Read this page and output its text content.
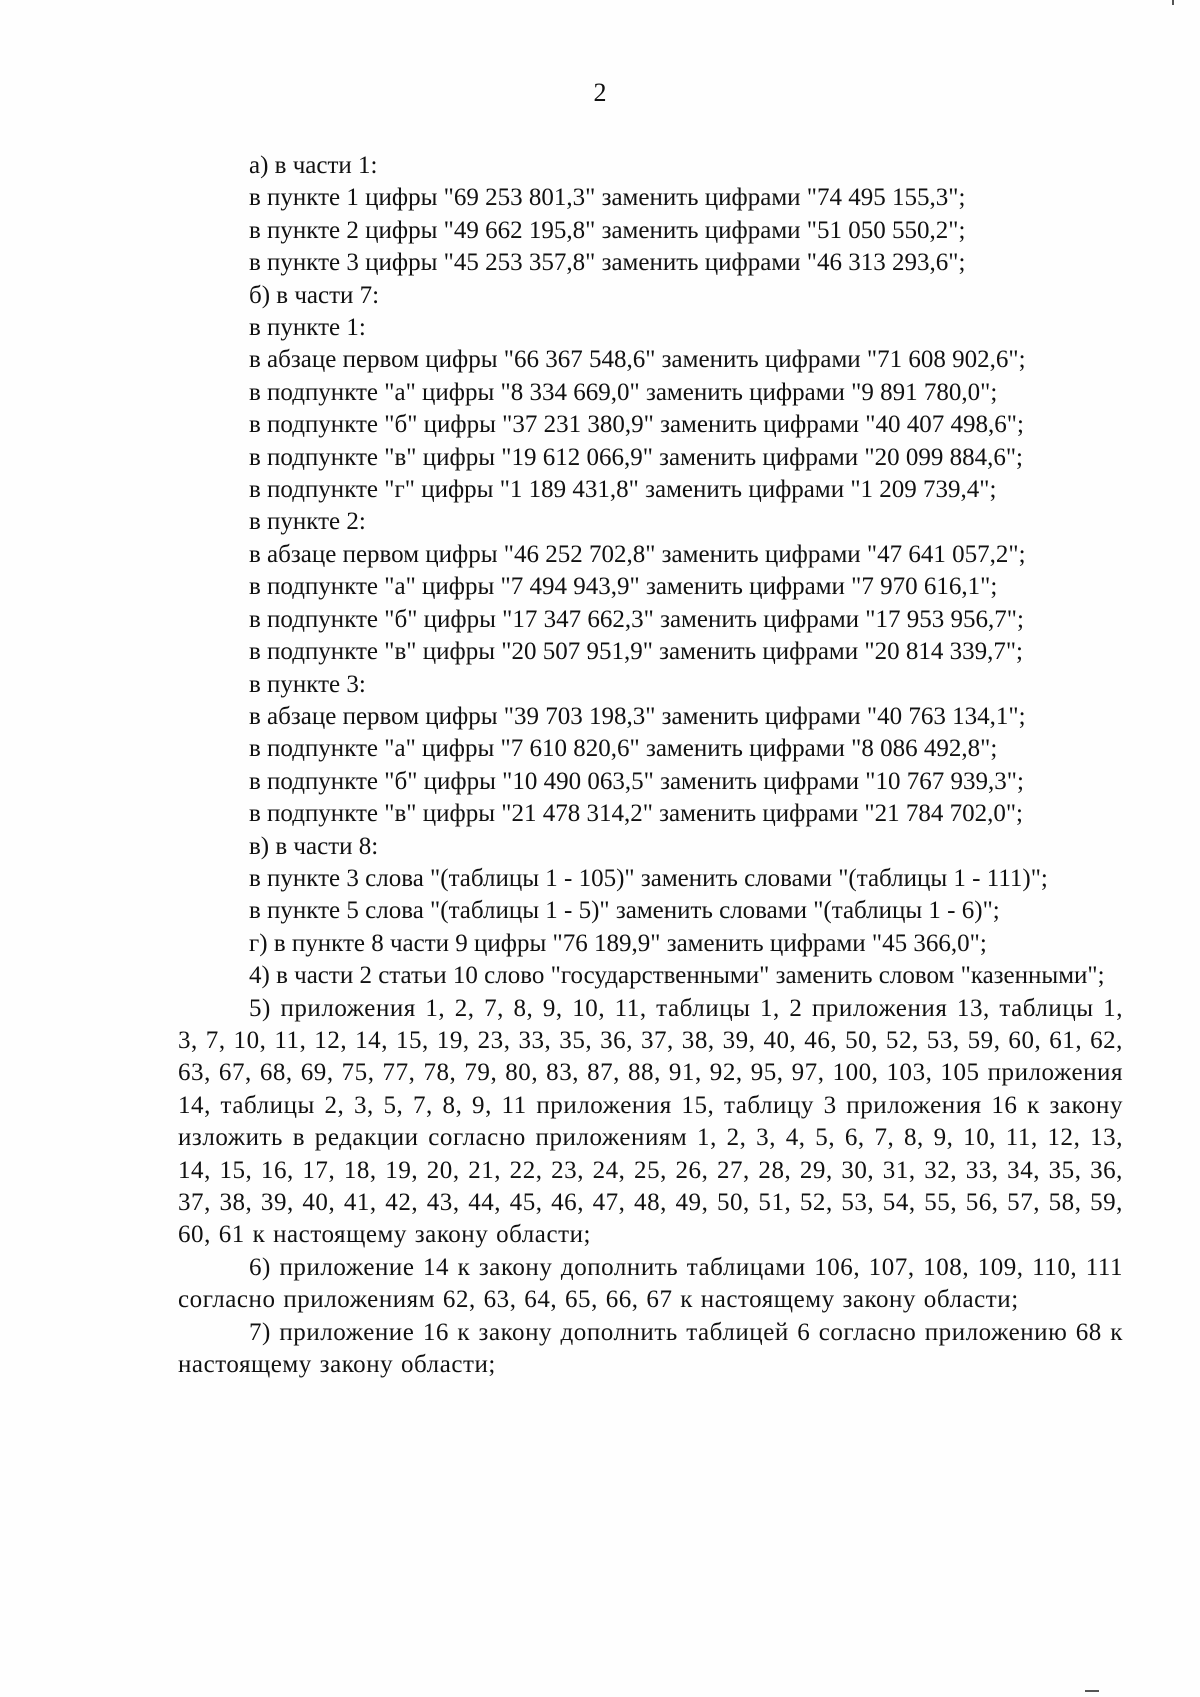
2

а) в части 1:

в пункте 1 цифры "69 253 801,3" заменить цифрами "74 495 155,3";

в пункте 2 цифры "49 662 195,8" заменить цифрами "51 050 550,2";

в пункте 3 цифры "45 253 357,8" заменить цифрами "46 313 293,6";

б) в части 7:

в пункте 1:

в абзаце первом цифры "66 367 548,6" заменить цифрами "71 608 902,6";

в подпункте "а" цифры "8 334 669,0" заменить цифрами "9 891 780,0";

в подпункте "б" цифры "37 231 380,9" заменить цифрами "40 407 498,6";

в подпункте "в" цифры "19 612 066,9" заменить цифрами "20 099 884,6";

в подпункте "г" цифры "1 189 431,8" заменить цифрами "1 209 739,4";

в пункте 2:

в абзаце первом цифры "46 252 702,8" заменить цифрами "47 641 057,2";

в подпункте "а" цифры "7 494 943,9" заменить цифрами "7 970 616,1";

в подпункте "б" цифры "17 347 662,3" заменить цифрами "17 953 956,7";

в подпункте "в" цифры "20 507 951,9" заменить цифрами "20 814 339,7";

в пункте 3:

в абзаце первом цифры "39 703 198,3" заменить цифрами "40 763 134,1";

в подпункте "а" цифры "7 610 820,6" заменить цифрами "8 086 492,8";

в подпункте "б" цифры "10 490 063,5" заменить цифрами "10 767 939,3";

в подпункте "в" цифры "21 478 314,2" заменить цифрами "21 784 702,0";

в) в части 8:

в пункте 3 слова "(таблицы 1 - 105)" заменить словами "(таблицы 1 - 111)";

в пункте 5 слова "(таблицы 1 - 5)" заменить словами "(таблицы 1 - 6)";

г) в пункте 8 части 9 цифры "76 189,9" заменить цифрами "45 366,0";

4) в части 2 статьи 10 слово "государственными" заменить словом "казенными";

5) приложения 1, 2, 7, 8, 9, 10, 11, таблицы 1, 2 приложения 13, таблицы 1, 3, 7, 10, 11, 12, 14, 15, 19, 23, 33, 35, 36, 37, 38, 39, 40, 46, 50, 52, 53, 59, 60, 61, 62, 63, 67, 68, 69, 75, 77, 78, 79, 80, 83, 87, 88, 91, 92, 95, 97, 100, 103, 105 приложения 14, таблицы 2, 3, 5, 7, 8, 9, 11 приложения 15, таблицу 3 приложения 16 к закону изложить в редакции согласно приложениям 1, 2, 3, 4, 5, 6, 7, 8, 9, 10, 11, 12, 13, 14, 15, 16, 17, 18, 19, 20, 21, 22, 23, 24, 25, 26, 27, 28, 29, 30, 31, 32, 33, 34, 35, 36, 37, 38, 39, 40, 41, 42, 43, 44, 45, 46, 47, 48, 49, 50, 51, 52, 53, 54, 55, 56, 57, 58, 59, 60, 61 к настоящему закону области;

6) приложение 14 к закону дополнить таблицами 106, 107, 108, 109, 110, 111 согласно приложениям 62, 63, 64, 65, 66, 67 к настоящему закону области;

7) приложение 16 к закону дополнить таблицей 6 согласно приложению 68 к настоящему закону области;
